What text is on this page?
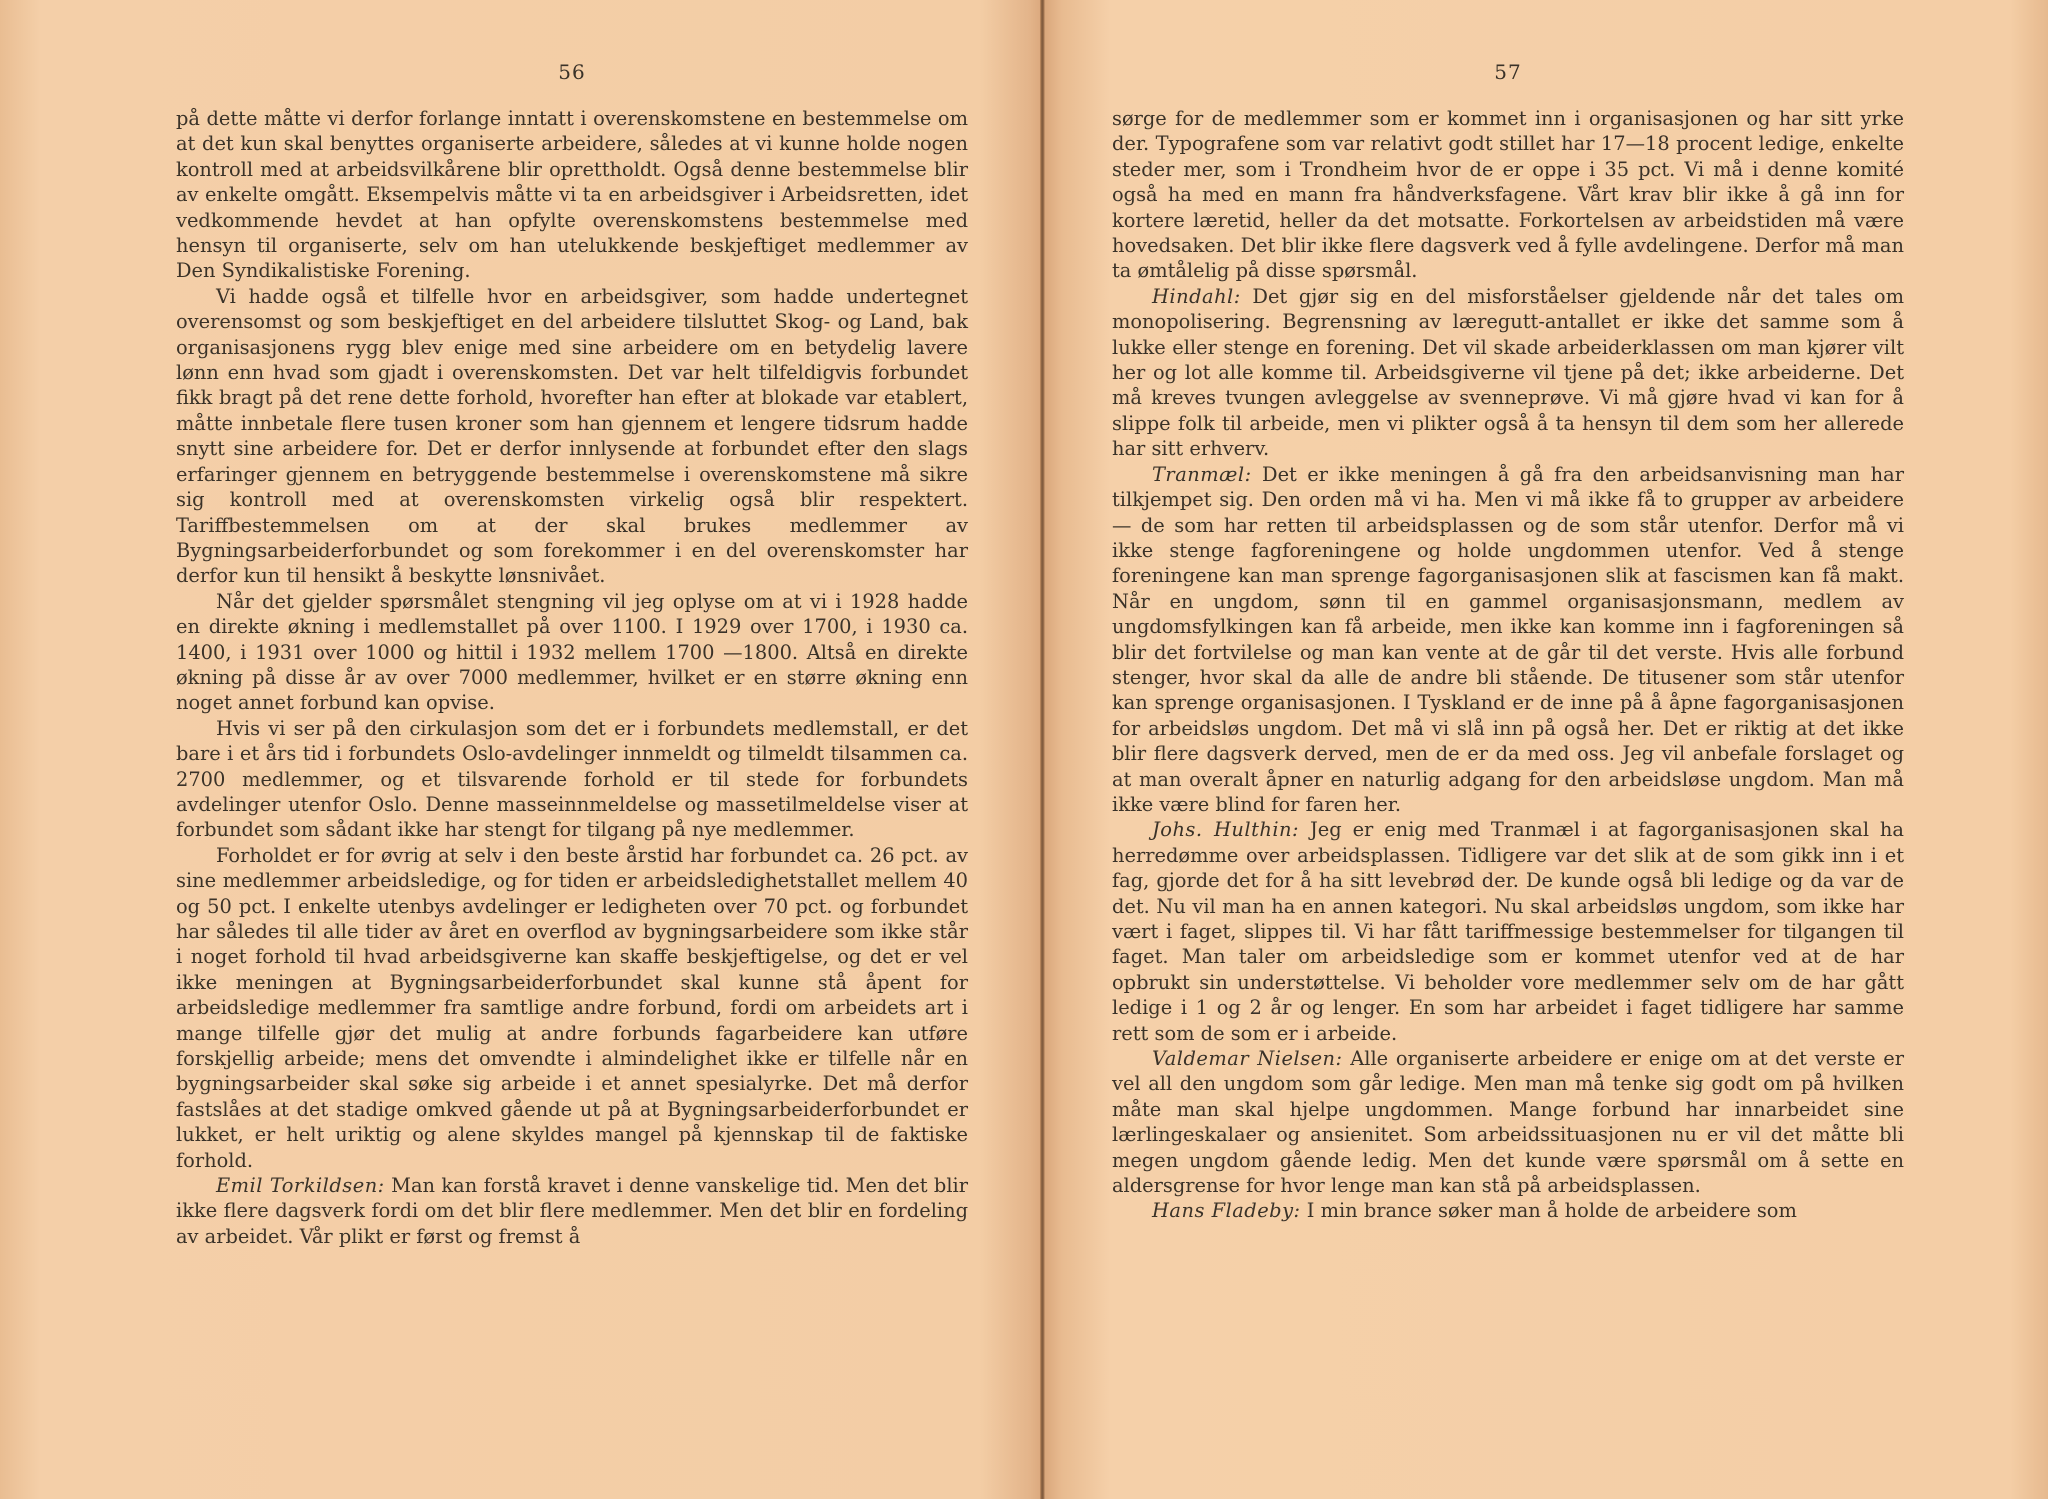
56

på dette måtte vi derfor forlange inntatt i overenskomstene en bestemmelse om at det kun skal benyttes organiserte arbeidere, således at vi kunne holde nogen kontroll med at arbeidsvilkårene blir oprettholdt. Også denne bestemmelse blir av enkelte omgått. Eksempelvis måtte vi ta en arbeidsgiver i Arbeidsretten, idet vedkommende hevdet at han opfylte overenskomstens bestemmelse med hensyn til organiserte, selv om han utelukkende beskjeftiget medlemmer av Den Syndikalistiske Forening.

Vi hadde også et tilfelle hvor en arbeidsgiver, som hadde undertegnet overensomst og som beskjeftiget en del arbeidere tilsluttet Skog- og Land, bak organisasjonens rygg blev enige med sine arbeidere om en betydelig lavere lønn enn hvad som gjadt i overenskomsten. Det var helt tilfeldigvis forbundet fikk bragt på det rene dette forhold, hvorefter han efter at blokade var etablert, måtte innbetale flere tusen kroner som han gjennem et lengere tidsrum hadde snytt sine arbeidere for. Det er derfor innlysende at forbundet efter den slags erfaringer gjennem en betryggende bestemmelse i overenskomstene må sikre sig kontroll med at overenskomsten virkelig også blir respektert. Tariffbestemmelsen om at der skal brukes medlemmer av Bygningsarbeiderforbundet og som forekommer i en del overenskomster har derfor kun til hensikt å beskytte lønsnivået.

Når det gjelder spørsmålet stengning vil jeg oplyse om at vi i 1928 hadde en direkte økning i medlemstallet på over 1100. I 1929 over 1700, i 1930 ca. 1400, i 1931 over 1000 og hittil i 1932 mellem 1700 —1800. Altså en direkte økning på disse år av over 7000 medlemmer, hvilket er en større økning enn noget annet forbund kan opvise.

Hvis vi ser på den cirkulasjon som det er i forbundets medlemstall, er det bare i et års tid i forbundets Oslo-avdelinger innmeldt og tilmeldt tilsammen ca. 2700 medlemmer, og et tilsvarende forhold er til stede for forbundets avdelinger utenfor Oslo. Denne masseinnmeldelse og massetilmeldelse viser at forbundet som sådant ikke har stengt for tilgang på nye medlemmer.

Forholdet er for øvrig at selv i den beste årstid har forbundet ca. 26 pct. av sine medlemmer arbeidsledige, og for tiden er arbeidsledighetstallet mellem 40 og 50 pct. I enkelte utenbys avdelinger er ledigheten over 70 pct. og forbundet har således til alle tider av året en overflod av bygningsarbeidere som ikke står i noget forhold til hvad arbeidsgiverne kan skaffe beskjeftigelse, og det er vel ikke meningen at Bygningsarbeiderforbundet skal kunne stå åpent for arbeidsledige medlemmer fra samtlige andre forbund, fordi om arbeidets art i mange tilfelle gjør det mulig at andre forbunds fagarbeidere kan utføre forskjellig arbeide; mens det omvendte i almindelighet ikke er tilfelle når en bygningsarbeider skal søke sig arbeide i et annet spesialyrke. Det må derfor fastslåes at det stadige omkved gående ut på at Bygningsarbeiderforbundet er lukket, er helt uriktig og alene skyldes mangel på kjennskap til de faktiske forhold.

Emil Torkildsen: Man kan forstå kravet i denne vanskelige tid. Men det blir ikke flere dagsverk fordi om det blir flere medlemmer. Men det blir en fordeling av arbeidet. Vår plikt er først og fremst å

57

sørge for de medlemmer som er kommet inn i organisasjonen og har sitt yrke der. Typografene som var relativt godt stillet har 17—18 procent ledige, enkelte steder mer, som i Trondheim hvor de er oppe i 35 pct. Vi må i denne komité også ha med en mann fra håndverksfagene. Vårt krav blir ikke å gå inn for kortere læretid, heller da det motsatte. Forkortelsen av arbeidstiden må være hovedsaken. Det blir ikke flere dagsverk ved å fylle avdelingene. Derfor må man ta ømtålelig på disse spørsmål.

Hindahl: Det gjør sig en del misforståelser gjeldende når det tales om monopolisering. Begrensning av læregutt-antallet er ikke det samme som å lukke eller stenge en forening. Det vil skade arbeiderklassen om man kjører vilt her og lot alle komme til. Arbeidsgiverne vil tjene på det; ikke arbeiderne. Det må kreves tvungen avleggelse av svenneprøve. Vi må gjøre hvad vi kan for å slippe folk til arbeide, men vi plikter også å ta hensyn til dem som her allerede har sitt erhverv.

Tranmæl: Det er ikke meningen å gå fra den arbeidsanvisning man har tilkjempet sig. Den orden må vi ha. Men vi må ikke få to grupper av arbeidere — de som har retten til arbeidsplassen og de som står utenfor. Derfor må vi ikke stenge fagforeningene og holde ungdommen utenfor. Ved å stenge foreningene kan man sprenge fagorganisasjonen slik at fascismen kan få makt. Når en ungdom, sønn til en gammel organisasjonsmann, medlem av ungdomsfylkingen kan få arbeide, men ikke kan komme inn i fagforeningen så blir det fortvilelse og man kan vente at de går til det verste. Hvis alle forbund stenger, hvor skal da alle de andre bli stående. De titusener som står utenfor kan sprenge organisasjonen. I Tyskland er de inne på å åpne fagorganisasjonen for arbeidsløs ungdom. Det må vi slå inn på også her. Det er riktig at det ikke blir flere dagsverk derved, men de er da med oss. Jeg vil anbefale forslaget og at man overalt åpner en naturlig adgang for den arbeidsløse ungdom. Man må ikke være blind for faren her.

Johs. Hulthin: Jeg er enig med Tranmæl i at fagorganisasjonen skal ha herredømme over arbeidsplassen. Tidligere var det slik at de som gikk inn i et fag, gjorde det for å ha sitt levebrød der. De kunde også bli ledige og da var de det. Nu vil man ha en annen kategori. Nu skal arbeidsløs ungdom, som ikke har vært i faget, slippes til. Vi har fått tariffmessige bestemmelser for tilgangen til faget. Man taler om arbeidsledige som er kommet utenfor ved at de har opbrukt sin understøttelse. Vi beholder vore medlemmer selv om de har gått ledige i 1 og 2 år og lenger. En som har arbeidet i faget tidligere har samme rett som de som er i arbeide.

Valdemar Nielsen: Alle organiserte arbeidere er enige om at det verste er vel all den ungdom som går ledige. Men man må tenke sig godt om på hvilken måte man skal hjelpe ungdommen. Mange forbund har innarbeidet sine lærlingeskalaer og ansienitet. Som arbeidssituasjonen nu er vil det måtte bli megen ungdom gående ledig. Men det kunde være spørsmål om å sette en aldersgrense for hvor lenge man kan stå på arbeidsplassen.

Hans Fladeby: I min brance søker man å holde de arbeidere som
